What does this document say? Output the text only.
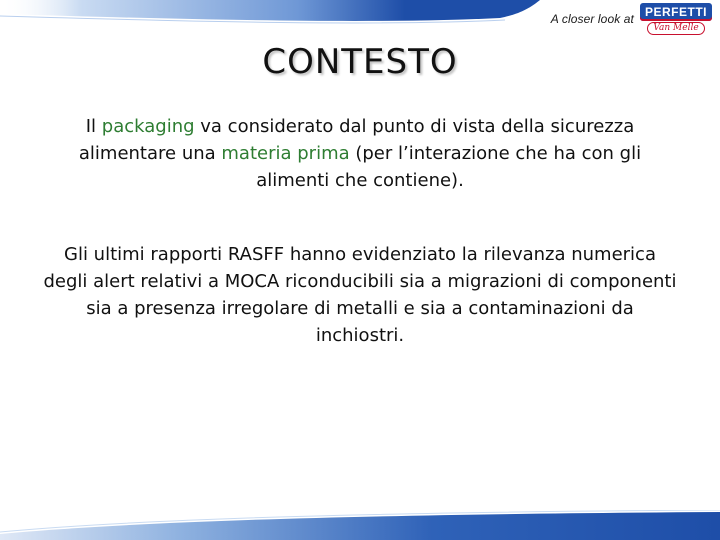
A closer look at PERFETTI
Van Melle
CONTESTO
Il packaging va considerato dal punto di vista della sicurezza alimentare una materia prima (per l’interazione che ha con gli alimenti che contiene).
Gli ultimi rapporti RASFF hanno evidenziato la rilevanza numerica degli alert relativi a MOCA riconducibili sia a migrazioni di componenti sia a presenza irregolare di metalli e sia a contaminazioni da inchiostri.
